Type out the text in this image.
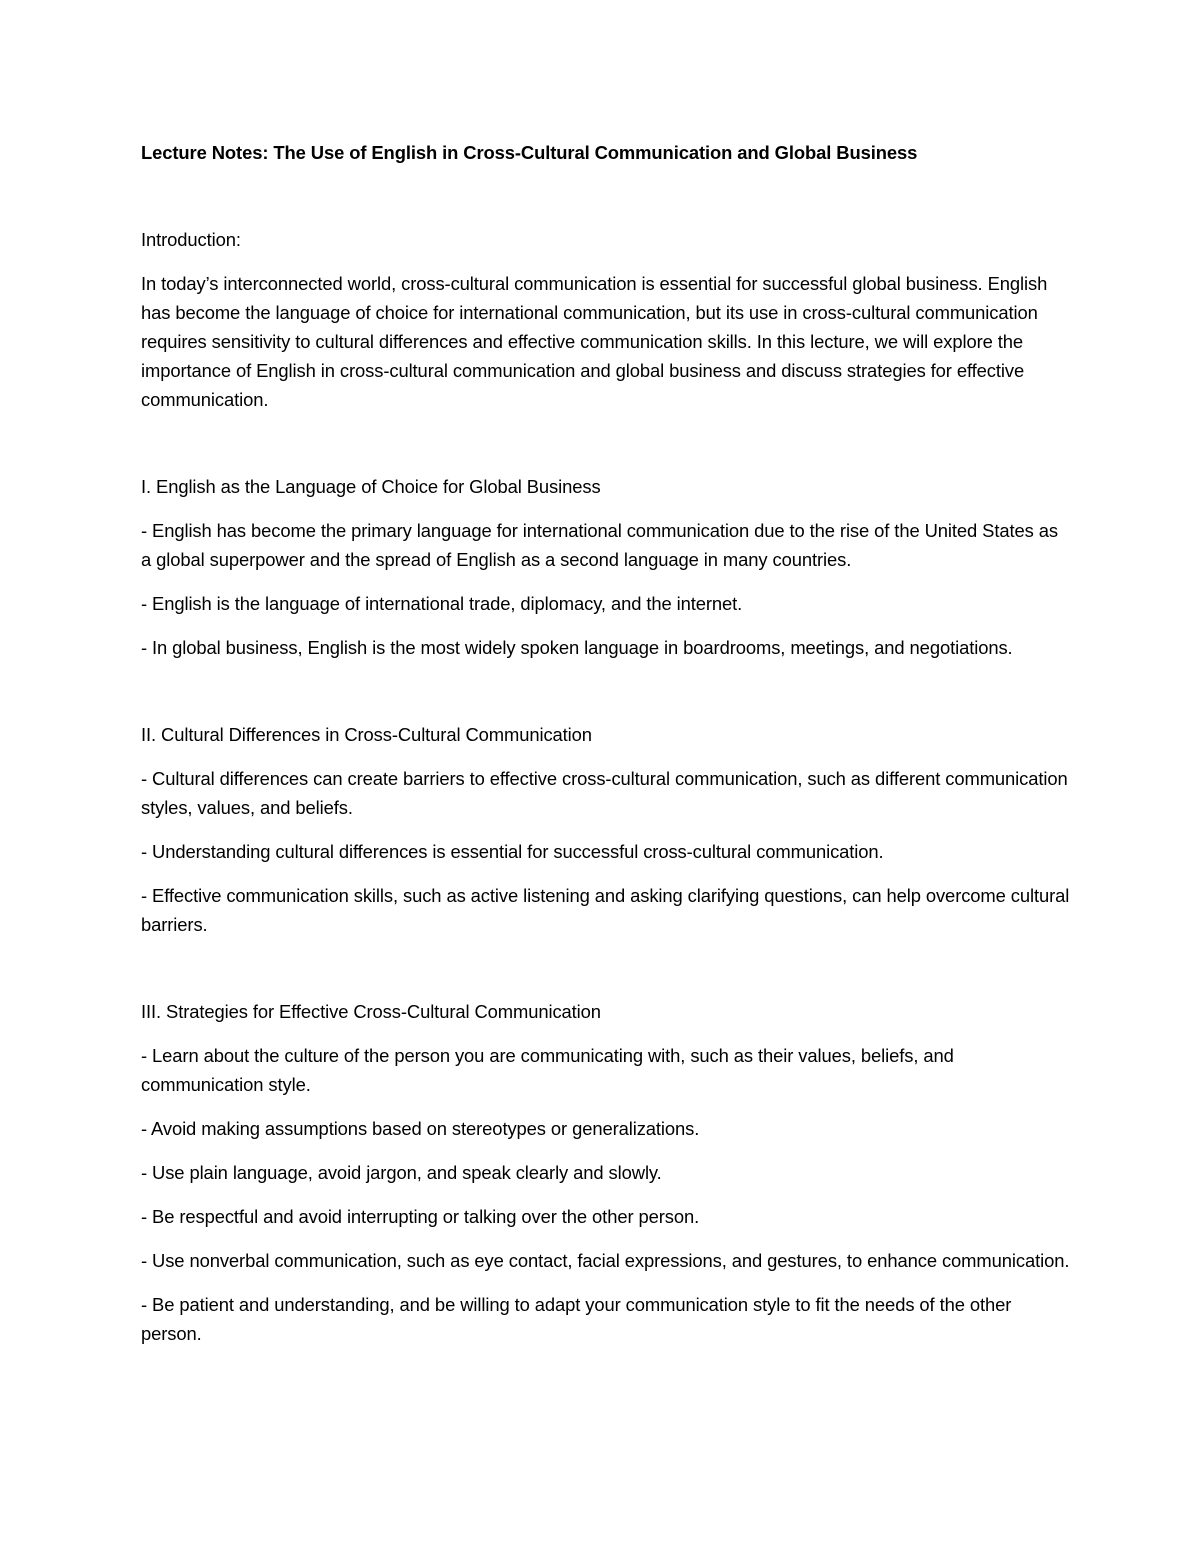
Lecture Notes: The Use of English in Cross-Cultural Communication and Global Business

Introduction:

In today’s interconnected world, cross-cultural communication is essential for successful global business. English has become the language of choice for international communication, but its use in cross-cultural communication requires sensitivity to cultural differences and effective communication skills. In this lecture, we will explore the importance of English in cross-cultural communication and global business and discuss strategies for effective communication.

I. English as the Language of Choice for Global Business

- English has become the primary language for international communication due to the rise of the United States as a global superpower and the spread of English as a second language in many countries.

- English is the language of international trade, diplomacy, and the internet.

- In global business, English is the most widely spoken language in boardrooms, meetings, and negotiations.

II. Cultural Differences in Cross-Cultural Communication

- Cultural differences can create barriers to effective cross-cultural communication, such as different communication styles, values, and beliefs.

- Understanding cultural differences is essential for successful cross-cultural communication.

- Effective communication skills, such as active listening and asking clarifying questions, can help overcome cultural barriers.

III. Strategies for Effective Cross-Cultural Communication

- Learn about the culture of the person you are communicating with, such as their values, beliefs, and communication style.

- Avoid making assumptions based on stereotypes or generalizations.

- Use plain language, avoid jargon, and speak clearly and slowly.

- Be respectful and avoid interrupting or talking over the other person.

- Use nonverbal communication, such as eye contact, facial expressions, and gestures, to enhance communication.

- Be patient and understanding, and be willing to adapt your communication style to fit the needs of the other person.
